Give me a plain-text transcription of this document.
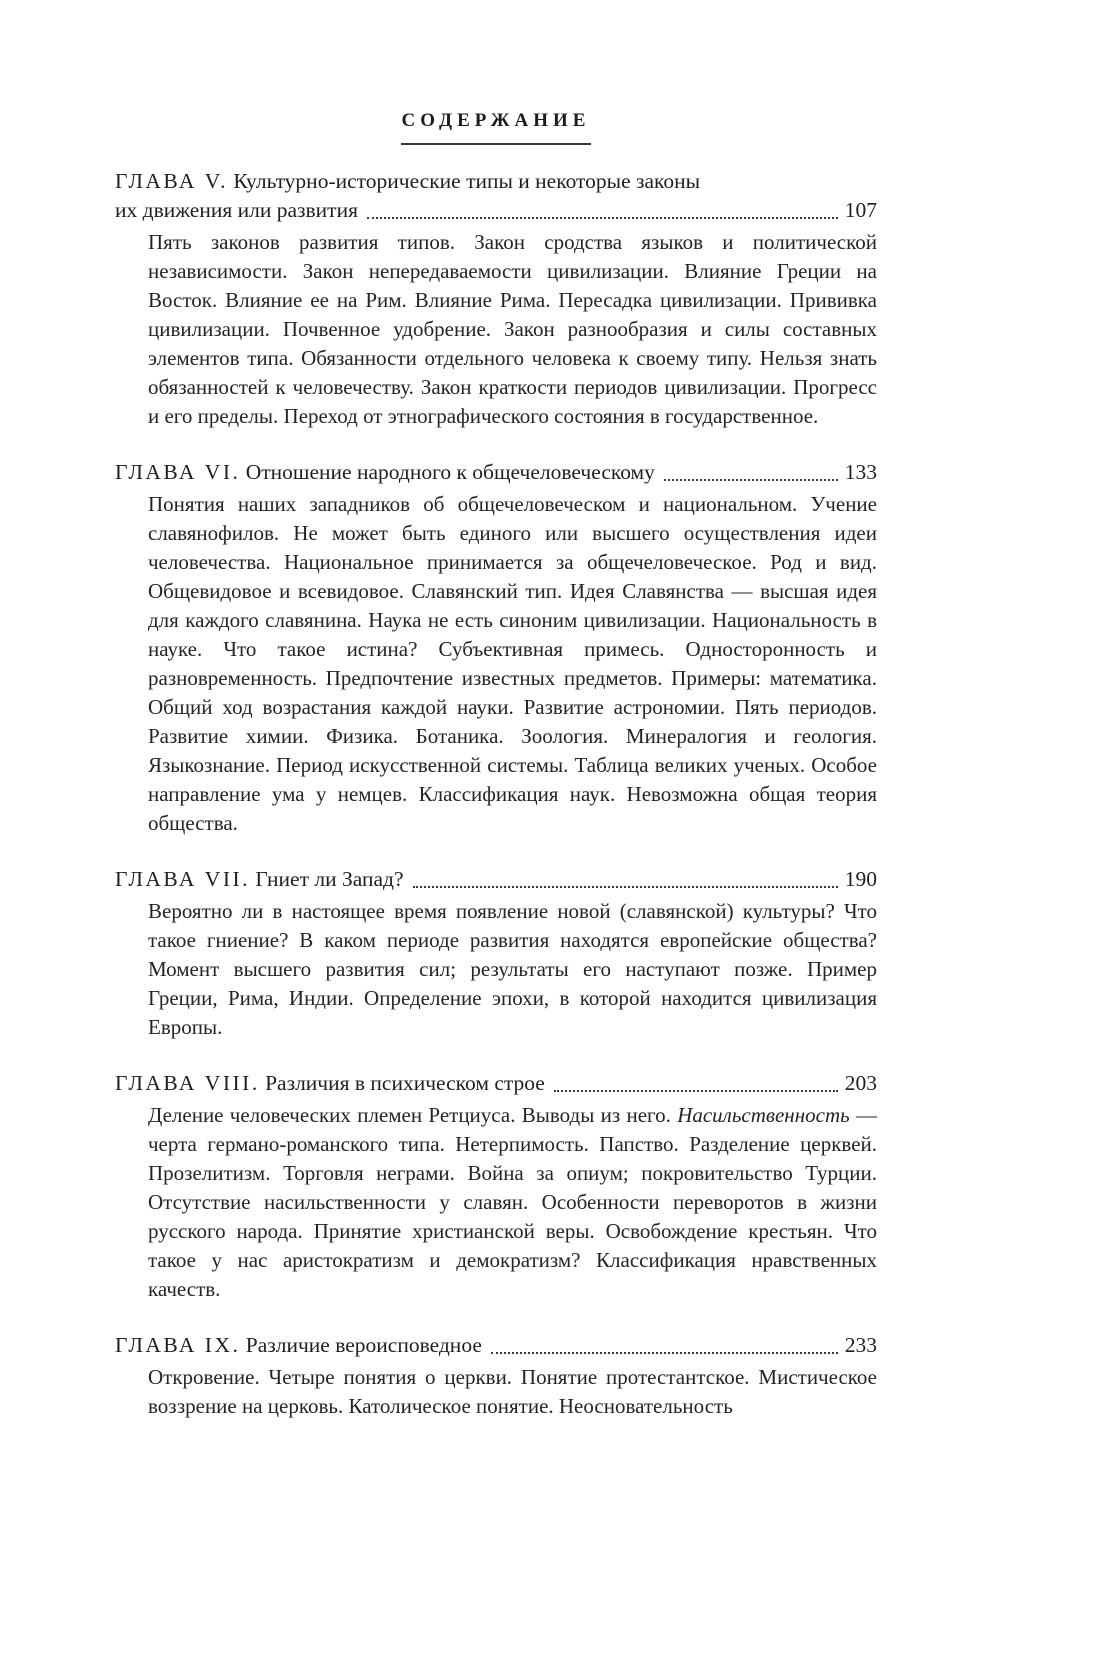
СОДЕРЖАНИЕ
ГЛАВА V. Культурно-исторические типы и некоторые законы
их движения или развития	107

Пять законов развития типов. Закон сродства языков и политической независимости. Закон непередаваемости цивилизации. Влияние Греции на Восток. Влияние ее на Рим. Влияние Рима. Пересадка цивилизации. Прививка цивилизации. Почвенное удобрение. Закон разнообразия и силы составных элементов типа. Обязанности отдельного человека к своему типу. Нельзя знать обязанностей к человечеству. Закон краткости периодов цивилизации. Прогресс и его пределы. Переход от этнографического состояния в государственное.

ГЛАВА VI. Отношение народного к общечеловеческому	133

Понятия наших западников об общечеловеческом и национальном. Учение славянофилов. Не может быть единого или высшего осуществления идеи человечества. Национальное принимается за общечеловеческое. Род и вид. Общевидовое и всевидовое. Славянский тип. Идея Славянства — высшая идея для каждого славянина. Наука не есть синоним цивилизации. Национальность в науке. Что такое истина? Субъективная примесь. Односторонность и разновременность. Предпочтение известных предметов. Примеры: математика. Общий ход возрастания каждой науки. Развитие астрономии. Пять периодов. Развитие химии. Физика. Ботаника. Зоология. Минералогия и геология. Языкознание. Период искусственной системы. Таблица великих ученых. Особое направление ума у немцев. Классификация наук. Невозможна общая теория общества.

ГЛАВА VII. Гниет ли Запад?	190

Вероятно ли в настоящее время появление новой (славянской) культуры? Что такое гниение? В каком периоде развития находятся европейские общества? Момент высшего развития сил; результаты его наступают позже. Пример Греции, Рима, Индии. Определение эпохи, в которой находится цивилизация Европы.

ГЛАВА VIII. Различия в психическом строе	203

Деление человеческих племен Ретциуса. Выводы из него. Насильственность — черта германо-романского типа. Нетерпимость. Папство. Разделение церквей. Прозелитизм. Торговля неграми. Война за опиум; покровительство Турции. Отсутствие насильственности у славян. Особенности переворотов в жизни русского народа. Принятие христианской веры. Освобождение крестьян. Что такое у нас аристократизм и демократизм? Классификация нравственных качеств.

ГЛАВА IX. Различие вероисповедное	233

Откровение. Четыре понятия о церкви. Понятие протестантское. Мистическое воззрение на церковь. Католическое понятие. Неосновательность
